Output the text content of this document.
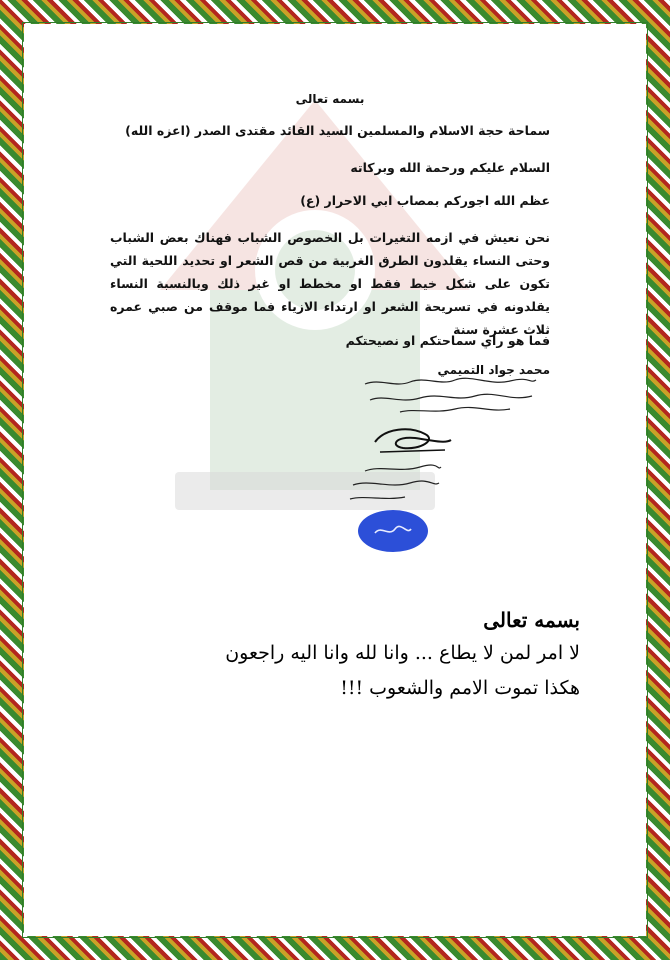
بسمه تعالى
سماحة حجة الاسلام والمسلمين السيد القائد مقتدى الصدر (اعزه الله)
السلام عليكم ورحمة الله وبركاته
عظم الله اجوركم بمصاب ابي الاحرار (ع)
نحن نعيش في ازمه التغيرات بل الخصوص الشباب فهناك بعض الشباب وحتى النساء يقلدون الطرق الغربية من قص الشعر او تحديد اللحية التي تكون على شكل خيط فقط او مخطط او غير ذلك وبالنسبة النساء يقلدونه في تسريحة الشعر او ارتداء الازياء فما موقف من صبي عمره ثلاث عشرة سنة
فما هو راي سماحتكم او نصيحتكم
محمد جواد التميمي
بسمه تعالى
لا امر لمن لا يطاع ... وانا لله وانا اليه راجعون
هكذا تموت الامم والشعوب !!!
